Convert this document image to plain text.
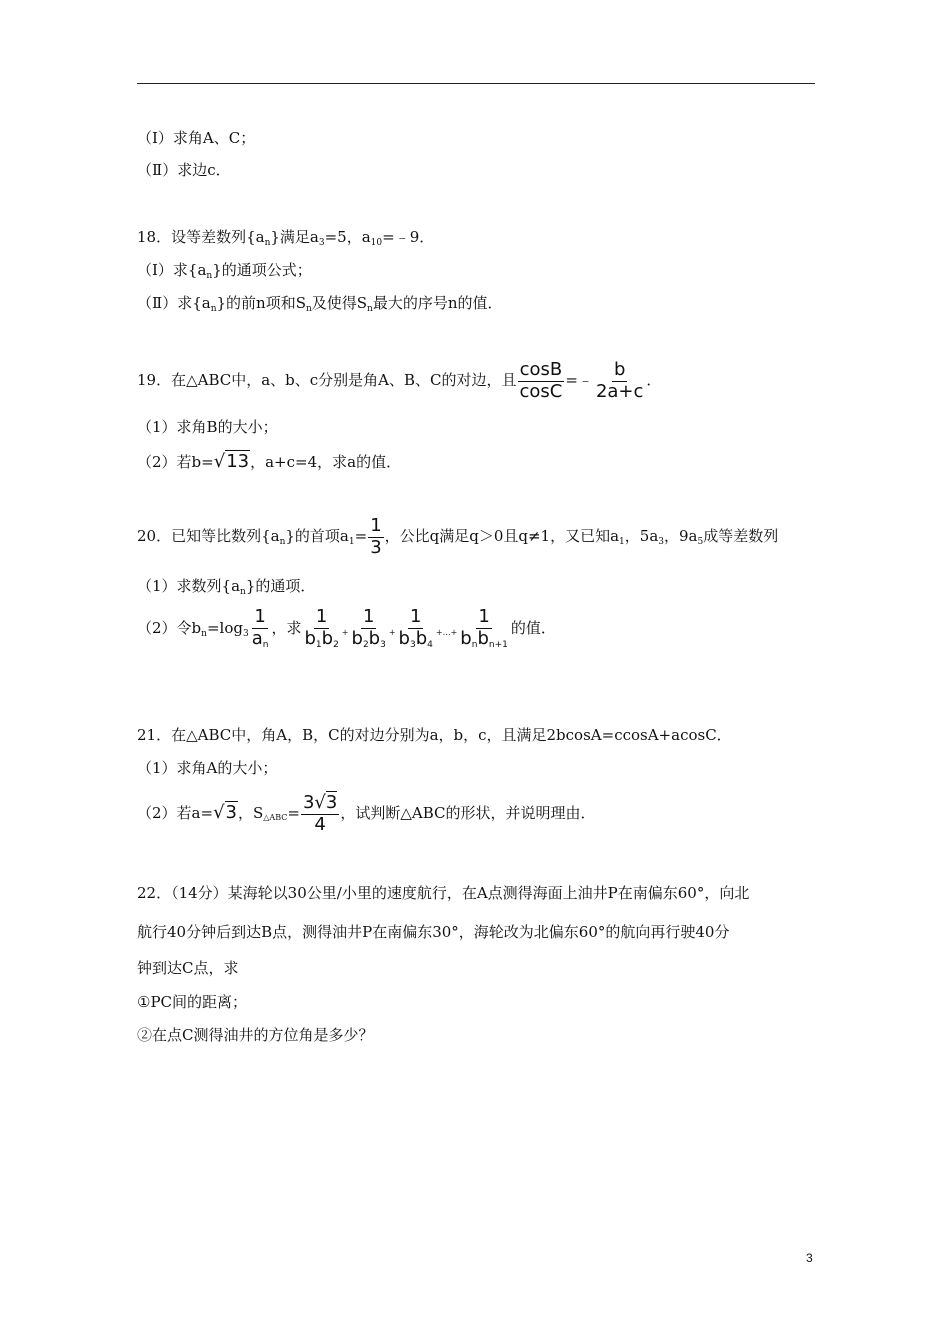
（Ⅰ）求角A、C；
（Ⅱ）求边c．
18．设等差数列$\{a_n\}$满足$a_3=5$，$a_{10}=﹣9$．
（Ⅰ）求$\{a_n\}$的通项公式；
（Ⅱ）求$\{a_n\}$的前n项和$S_n$及使得$S_n$最大的序号n的值．
19．在△ABC中，a、b、c分别是角A、B、C的对边，且 $\frac{\cos B}{\cos C}$ =﹣ $\frac{b}{2a+c}$ ．
（1）求角B的大小；
（2）若b=√13，a+c=4，求a的值．
20．已知等比数列$\{a_n\}$的首项$a_1= \frac{1}{3}$ ，公比q满足q＞0且q≠1，又已知$a_1$，$5a_3$，$9a_5$成等差数列
（1）求数列$\{a_n\}$的通项．
（2）令$b_n=\log_3 \frac{1}{a_n}$ ，求 $\frac{1}{b_1b_2} + \frac{1}{b_2b_3} + \frac{1}{b_3b_4}$ +…+ $\frac{1}{b_nb_{n+1}}$ 的值．
21．在△ABC中，角A，B，C的对边分别为a，b，c，且满足2bcosA=ccosA+acosC．
（1）求角A的大小；
（2）若a=√3，S△ABC= $\frac{3√3}{4}$ ，试判断△ABC的形状，并说明理由．
22．（14分）某海轮以30公里/小里的速度航行，在A点测得海面上油井P在南偏东60°，向北
航行40分钟后到达B点，测得油井P在南偏东30°，海轮改为北偏东60°的航向再行驶40分
钟到达C点，求
①PC间的距离；
②在点C测得油井的方位角是多少？
3
